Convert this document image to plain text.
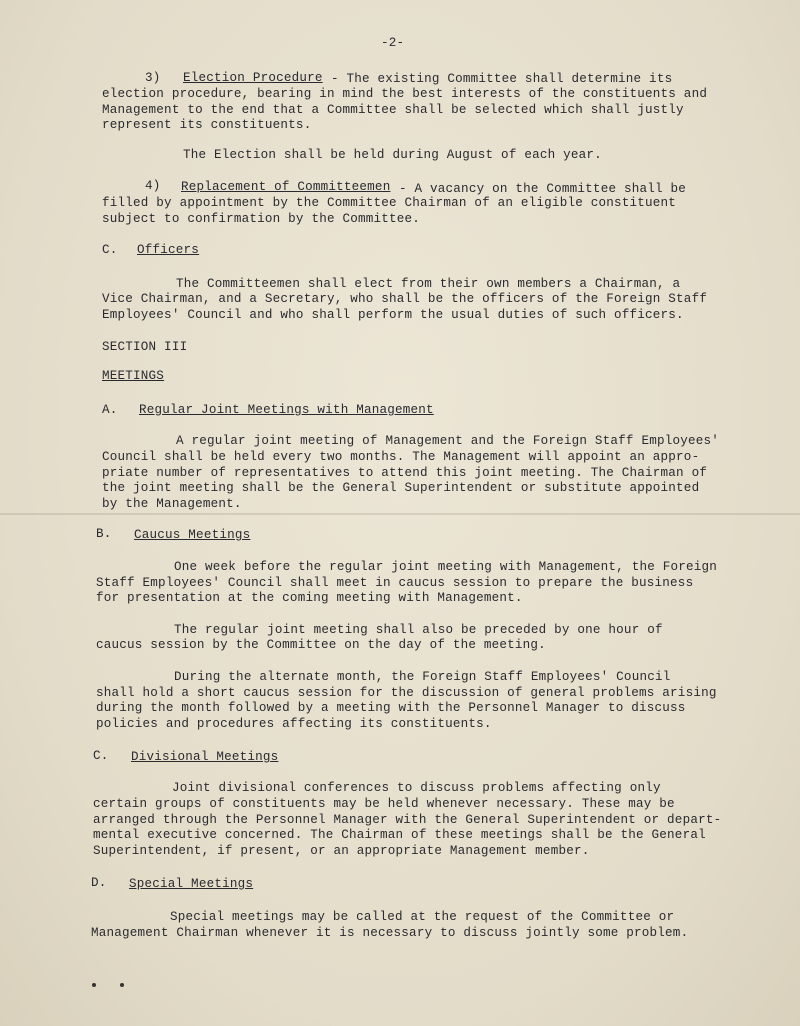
-2-
3) Election Procedure - The existing Committee shall determine its
election procedure, bearing in mind the best interests of the constituents and
Management to the end that a Committee shall be selected which shall justly
represent its constituents.
The Election shall be held during August of each year.
4) Replacement of Committeemen - A vacancy on the Committee shall be
filled by appointment by the Committee Chairman of an eligible constituent
subject to confirmation by the Committee.
C. Officers
The Committeemen shall elect from their own members a Chairman, a
Vice Chairman, and a Secretary, who shall be the officers of the Foreign Staff
Employees' Council and who shall perform the usual duties of such officers.
SECTION III
MEETINGS
A. Regular Joint Meetings with Management
A regular joint meeting of Management and the Foreign Staff Employees'
Council shall be held every two months. The Management will appoint an appro-
priate number of representatives to attend this joint meeting. The Chairman of
the joint meeting shall be the General Superintendent or substitute appointed
by the Management.
B. Caucus Meetings
One week before the regular joint meeting with Management, the Foreign
Staff Employees' Council shall meet in caucus session to prepare the business
for presentation at the coming meeting with Management.
The regular joint meeting shall also be preceded by one hour of
caucus session by the Committee on the day of the meeting.
During the alternate month, the Foreign Staff Employees' Council
shall hold a short caucus session for the discussion of general problems arising
during the month followed by a meeting with the Personnel Manager to discuss
policies and procedures affecting its constituents.
C. Divisional Meetings
Joint divisional conferences to discuss problems affecting only
certain groups of constituents may be held whenever necessary. These may be
arranged through the Personnel Manager with the General Superintendent or depart-
mental executive concerned. The Chairman of these meetings shall be the General
Superintendent, if present, or an appropriate Management member.
D. Special Meetings
Special meetings may be called at the request of the Committee or
Management Chairman whenever it is necessary to discuss jointly some problem.
